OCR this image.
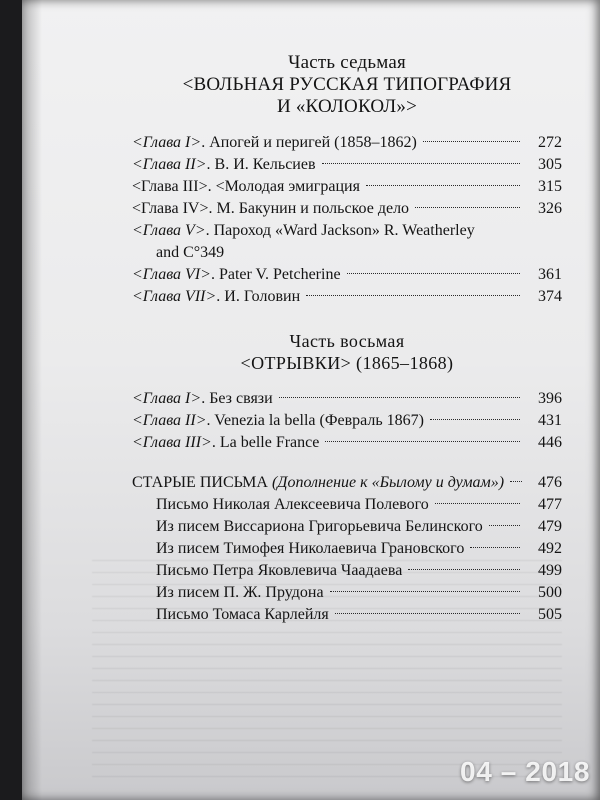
Часть седьмая

<ВОЛЬНАЯ РУССКАЯ ТИПОГРАФИЯ

И «КОЛОКОЛ»>

<Глава I>. Апогей и перигей (1858–1862)	272
<Глава II>. В. И. Кельсиев	305
<Глава III>. <Молодая эмиграция	315
<Глава IV>. М. Бакунин и польское дело	326
<Глава V>. Пароход «Ward Jackson» R. Weatherley
and C° 349
<Глава VI>. Pater V. Petcherine	361
<Глава VII>. И. Головин	374

Часть восьмая

<ОТРЫВКИ> (1865–1868)

<Глава I>. Без связи	396
<Глава II>. Venezia la bella (Февраль 1867)	431
<Глава III>. La belle France	446
СТАРЫЕ ПИСЬМА (Дополнение к «Былому и думам»)	476
Письмо Николая Алексеевича Полевого	477
Из писем Виссариона Григорьевича Белинского	479
Из писем Тимофея Николаевича Грановского	492
Письмо Петра Яковлевича Чаадаева	499
Из писем П. Ж. Прудона	500
Письмо Томаса Карлейля	505
04 – 2018
